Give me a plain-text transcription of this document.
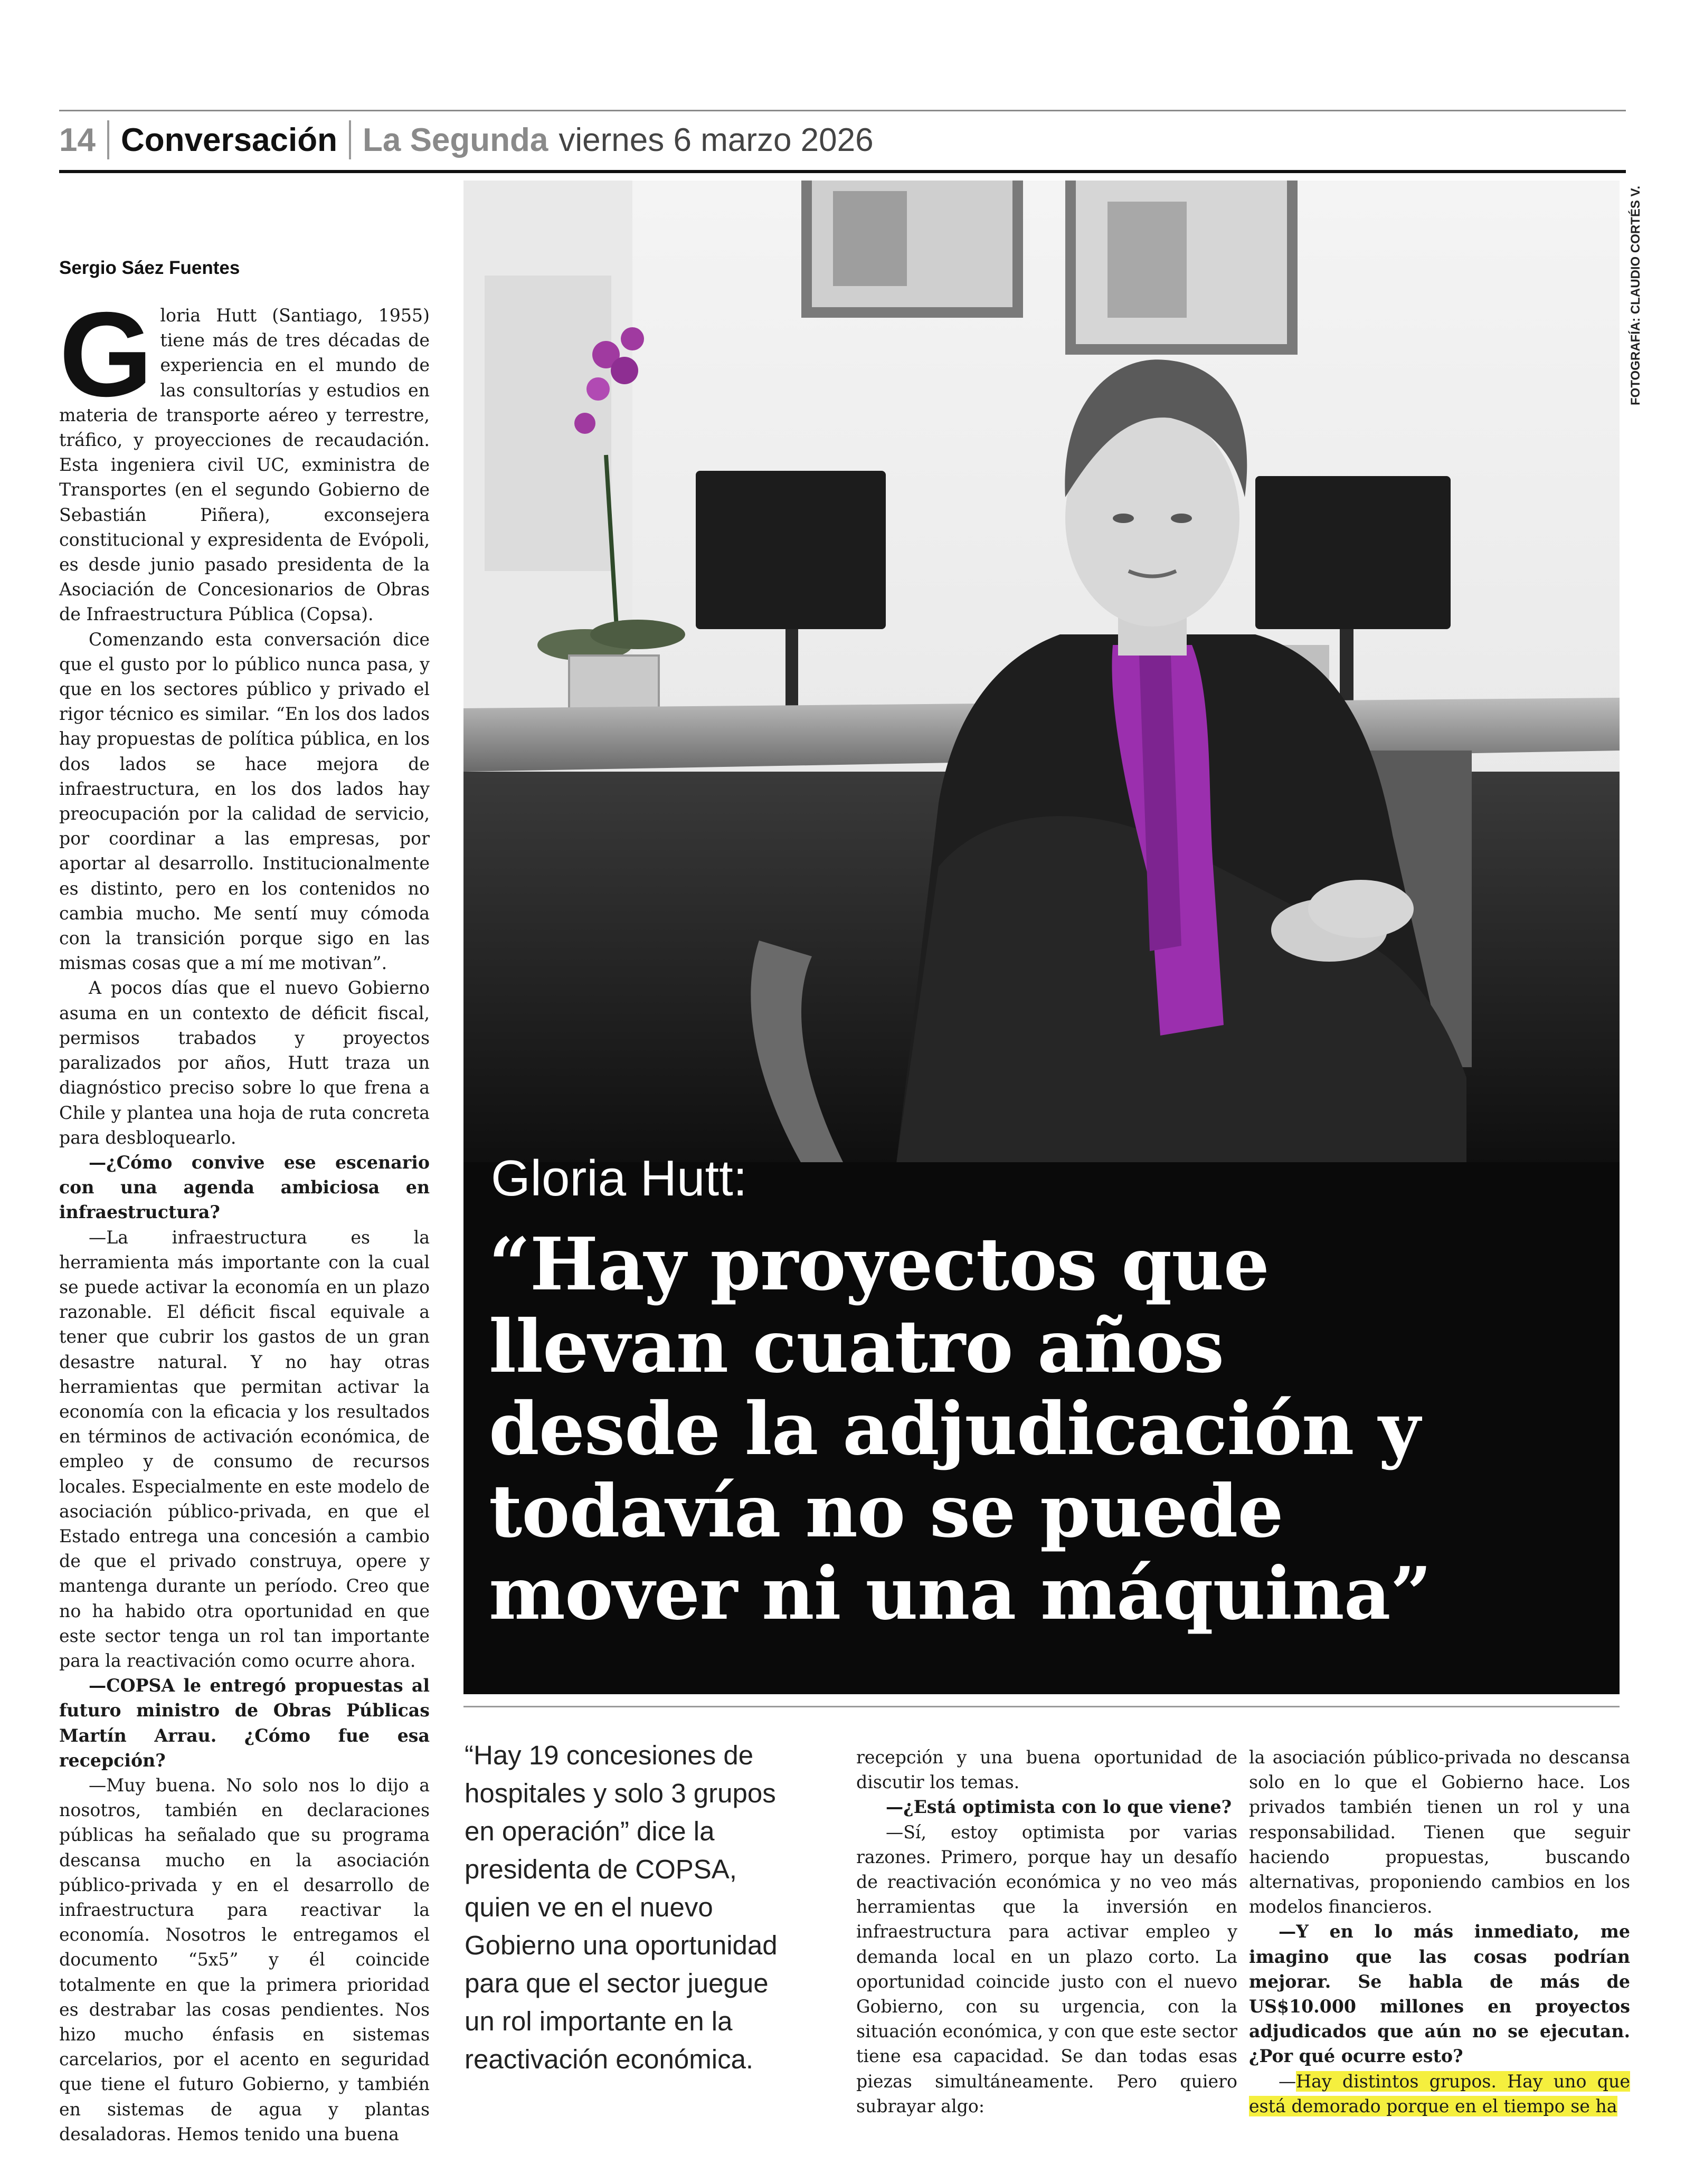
14 Conversación La Segunda viernes 6 marzo 2026
Sergio Sáez Fuentes	FOTOGRAFÍA: CLAUDIO CORTÉS V.
G loria Hutt (Santiago, 1955) tiene más de tres décadas de experiencia en el mundo de las consultorías y estudios en materia de transporte aéreo y terrestre, tráfico, y proyecciones de recaudación. Esta ingeniera civil UC, exministra de Transportes (en el segundo Gobierno de Sebastián Piñera), exconsejera constitucional y expresidenta de Evópoli, es desde junio pasado presidenta de la Asociación de Concesionarios de Obras de Infraestructura Pública (Copsa).

Comenzando esta conversación dice que el gusto por lo público nunca pasa, y que en los sectores público y privado el rigor técnico es similar. “En los dos lados hay propuestas de política pública, en los dos lados se hace mejora de infraestructura, en los dos lados hay preocupación por la calidad de servicio, por coordinar a las empresas, por aportar al desarrollo. Institucionalmente es distinto, pero en los contenidos no cambia mucho. Me sentí muy cómoda con la transición porque sigo en las mismas cosas que a mí me motivan”.

A pocos días que el nuevo Gobierno asuma en un contexto de déficit fiscal, permisos trabados y proyectos paralizados por años, Hutt traza un diagnóstico preciso sobre lo que frena a Chile y plantea una hoja de ruta concreta para desbloquearlo.

—¿Cómo convive ese escenario con una agenda ambiciosa en infraestructura?

—La infraestructura es la herramienta más importante con la cual se puede activar la economía en un plazo razonable. El déficit fiscal equivale a tener que cubrir los gastos de un gran desastre natural. Y no hay otras herramientas que permitan activar la economía con la eficacia y los resultados en términos de activación económica, de empleo y de consumo de recursos locales. Especialmente en este modelo de asociación público-privada, en que el Estado entrega una concesión a cambio de que el privado construya, opere y mantenga durante un período. Creo que no ha habido otra oportunidad en que este sector tenga un rol tan importante para la reactivación como ocurre ahora.

—COPSA le entregó propuestas al futuro ministro de Obras Públicas Martín Arrau. ¿Cómo fue esa recepción?

—Muy buena. No solo nos lo dijo a nosotros, también en declaraciones públicas ha señalado que su programa descansa mucho en la asociación público-privada y en el desarrollo de infraestructura para reactivar la economía. Nosotros le entregamos el documento “5x5” y él coincide totalmente en que la primera prioridad es destrabar las cosas pendientes. Nos hizo mucho énfasis en sistemas carcelarios, por el acento en seguridad que tiene el futuro Gobierno, y también en sistemas de agua y plantas desaladoras. Hemos tenido una buena

Gloria Hutt:
“Hay proyectos que
llevan cuatro años
desde la adjudicación y
todavía no se puede
mover ni una máquina”
“Hay 19 concesiones de
hospitales y solo 3 grupos
en operación” dice la
presidenta de COPSA,
quien ve en el nuevo
Gobierno una oportunidad
para que el sector juegue
un rol importante en la
reactivación económica.

recepción y una buena oportunidad de discutir los temas.

—¿Está optimista con lo que viene?

—Sí, estoy optimista por varias razones. Primero, porque hay un desafío de reactivación económica y no veo más herramientas que la inversión en infraestructura para activar empleo y demanda local en un plazo corto. La oportunidad coincide justo con el nuevo Gobierno, con su urgencia, con la situación económica, y con que este sector tiene esa capacidad. Se dan todas esas piezas simultáneamente. Pero quiero subrayar algo:

la asociación público-privada no descansa solo en lo que el Gobierno hace. Los privados también tienen un rol y una responsabilidad. Tienen que seguir haciendo propuestas, buscando alternativas, proponiendo cambios en los modelos financieros.

—Y en lo más inmediato, me imagino que las cosas podrían mejorar. Se habla de más de US$10.000 millones en proyectos adjudicados que aún no se ejecutan. ¿Por qué ocurre esto?

—Hay distintos grupos. Hay uno que está demorado porque en el tiempo se ha
